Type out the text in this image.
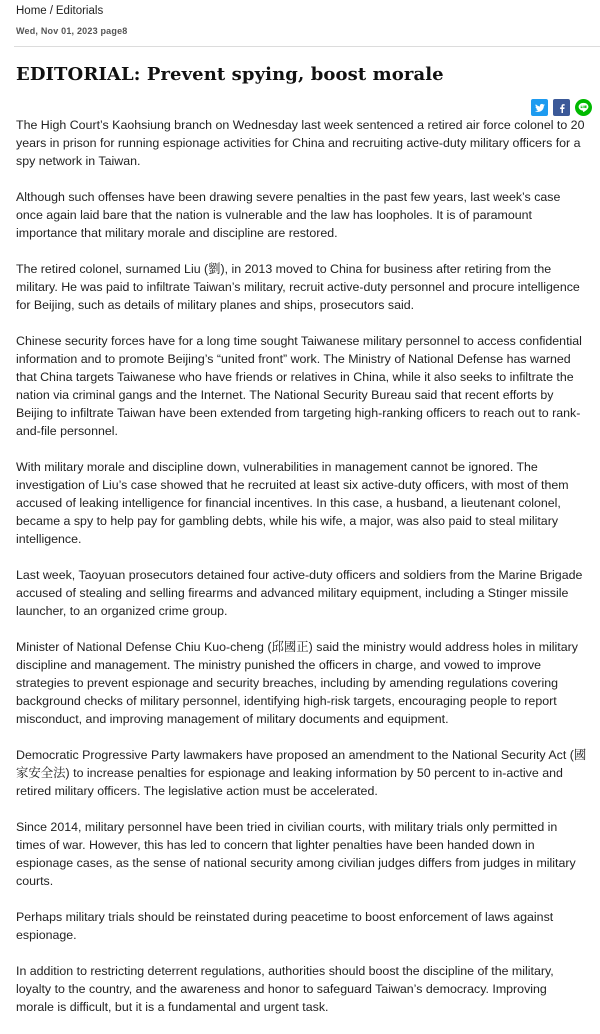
Home / Editorials
Wed, Nov 01, 2023 page8
EDITORIAL: Prevent spying, boost morale

The High Court’s Kaohsiung branch on Wednesday last week sentenced a retired air force colonel to 20 years in prison for running espionage activities for China and recruiting active-duty military officers for a spy network in Taiwan.

Although such offenses have been drawing severe penalties in the past few years, last week’s case once again laid bare that the nation is vulnerable and the law has loopholes. It is of paramount importance that military morale and discipline are restored.

The retired colonel, surnamed Liu (劉), in 2013 moved to China for business after retiring from the military. He was paid to infiltrate Taiwan’s military, recruit active-duty personnel and procure intelligence for Beijing, such as details of military planes and ships, prosecutors said.

Chinese security forces have for a long time sought Taiwanese military personnel to access confidential information and to promote Beijing’s “united front” work. The Ministry of National Defense has warned that China targets Taiwanese who have friends or relatives in China, while it also seeks to infiltrate the nation via criminal gangs and the Internet. The National Security Bureau said that recent efforts by Beijing to infiltrate Taiwan have been extended from targeting high-ranking officers to reach out to rank-and-file personnel.

With military morale and discipline down, vulnerabilities in management cannot be ignored. The investigation of Liu’s case showed that he recruited at least six active-duty officers, with most of them accused of leaking intelligence for financial incentives. In this case, a husband, a lieutenant colonel, became a spy to help pay for gambling debts, while his wife, a major, was also paid to steal military intelligence.

Last week, Taoyuan prosecutors detained four active-duty officers and soldiers from the Marine Brigade accused of stealing and selling firearms and advanced military equipment, including a Stinger missile launcher, to an organized crime group.

Minister of National Defense Chiu Kuo-cheng (邱國正) said the ministry would address holes in military discipline and management. The ministry punished the officers in charge, and vowed to improve strategies to prevent espionage and security breaches, including by amending regulations covering background checks of military personnel, identifying high-risk targets, encouraging people to report misconduct, and improving management of military documents and equipment.

Democratic Progressive Party lawmakers have proposed an amendment to the National Security Act (國家安全法) to increase penalties for espionage and leaking information by 50 percent to in-active and retired military officers. The legislative action must be accelerated.

Since 2014, military personnel have been tried in civilian courts, with military trials only permitted in times of war. However, this has led to concern that lighter penalties have been handed down in espionage cases, as the sense of national security among civilian judges differs from judges in military courts.

Perhaps military trials should be reinstated during peacetime to boost enforcement of laws against espionage.

In addition to restricting deterrent regulations, authorities should boost the discipline of the military, loyalty to the country, and the awareness and honor to safeguard Taiwan’s democracy. Improving morale is difficult, but it is a fundamental and urgent task.
